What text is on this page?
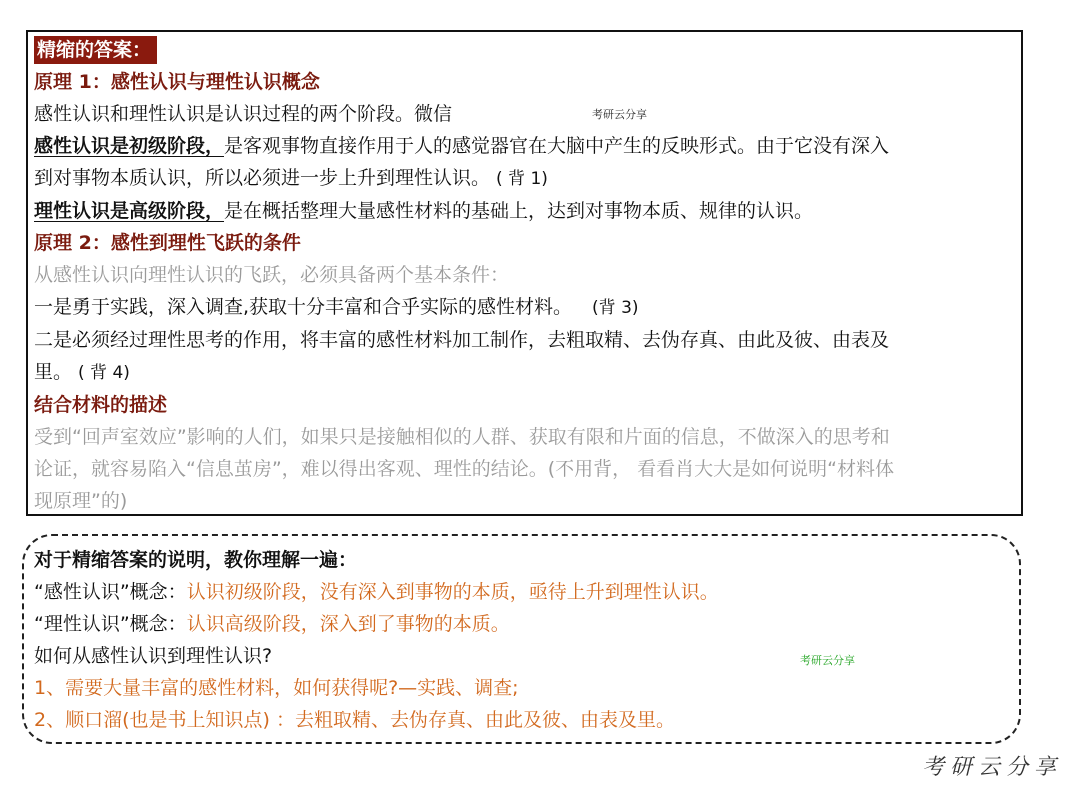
精缩的答案：
原理 1：感性认识与理性认识概念
感性认识和理性认识是认识过程的两个阶段。微信
感性认识是初级阶段，是客观事物直接作用于人的感觉器官在大脑中产生的反映形式。由于它没有深入
到对事物本质认识，所以必须进一步上升到理性认识。 ( 背 1)
理性认识是高级阶段，是在概括整理大量感性材料的基础上，达到对事物本质、规律的认识。
原理 2：感性到理性飞跃的条件
从感性认识向理性认识的飞跃，必须具备两个基本条件：
一是勇于实践，深入调查,获取十分丰富和合乎实际的感性材料。 (背 3)
二是必须经过理性思考的作用，将丰富的感性材料加工制作，去粗取精、去伪存真、由此及彼、由表及
里。 ( 背 4)
结合材料的描述
受到“回声室效应”影响的人们，如果只是接触相似的人群、获取有限和片面的信息，不做深入的思考和
论证，就容易陷入“信息茧房”，难以得出客观、理性的结论。(不用背， 看看肖大大是如何说明“材料体
现原理”的)
考研云分享
对于精缩答案的说明，教你理解一遍：
“感性认识”概念：认识初级阶段，没有深入到事物的本质，亟待上升到理性认识。
“理性认识”概念：认识高级阶段，深入到了事物的本质。
如何从感性认识到理性认识?
1、需要大量丰富的感性材料，如何获得呢?—实践、调查;
2、顺口溜(也是书上知识点) ：去粗取精、去伪存真、由此及彼、由表及里。
考研云分享
考研云分享
